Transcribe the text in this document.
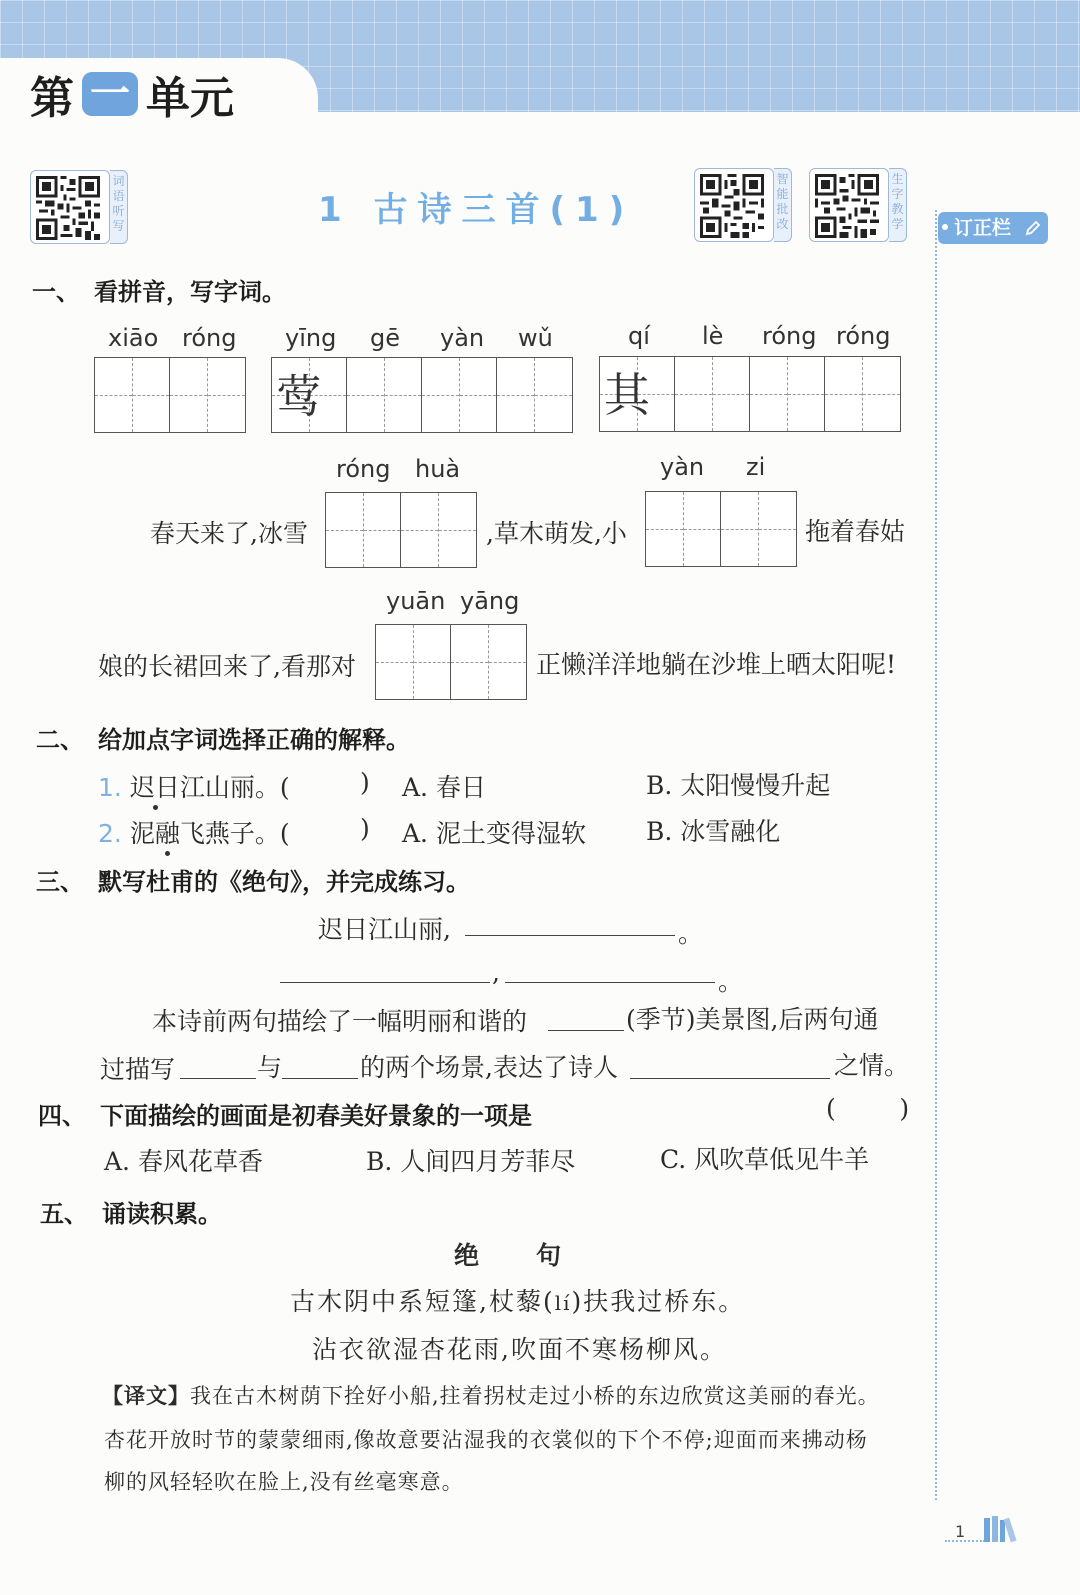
第 一 单元
词语听写
智能批改
生字教学
1 古诗三首(1)	订正栏
一、 看拼音，写字词。
xiāo róng yīng gē yàn wǔ
莺
qí lè róng róng
其
róng huà	yàn zi
春天来了,冰雪	,草木萌发,小	拖着春姑
yuān yāng
娘的长裙回来了,看那对	正懒洋洋地躺在沙堆上晒太阳呢!
二、 给加点字词选择正确的解释。
1. 迟日江山丽。(	) A. 春日	B. 太阳慢慢升起
2. 泥融飞燕子。(	) A. 泥土变得湿软 B. 冰雪融化
三、 默写杜甫的《绝句》，并完成练习。
迟日江山丽,	。
,	。
本诗前两句描绘了一幅明丽和谐的	(季节)美景图,后两句通
过描写	与	的两个场景,表达了诗人	之情。
四、 下面描绘的画面是初春美好景象的一项是	(        )
A. 春风花草香	B. 人间四月芳菲尽	C. 风吹草低见牛羊
五、 诵读积累。
绝 句
古木阴中系短篷,杖藜(lí)扶我过桥东。
沾衣欲湿杏花雨,吹面不寒杨柳风。
【译文】我在古木树荫下拴好小船,拄着拐杖走过小桥的东边欣赏这美丽的春光。
杏花开放时节的蒙蒙细雨,像故意要沾湿我的衣裳似的下个不停;迎面而来拂动杨
柳的风轻轻吹在脸上,没有丝毫寒意。
1
